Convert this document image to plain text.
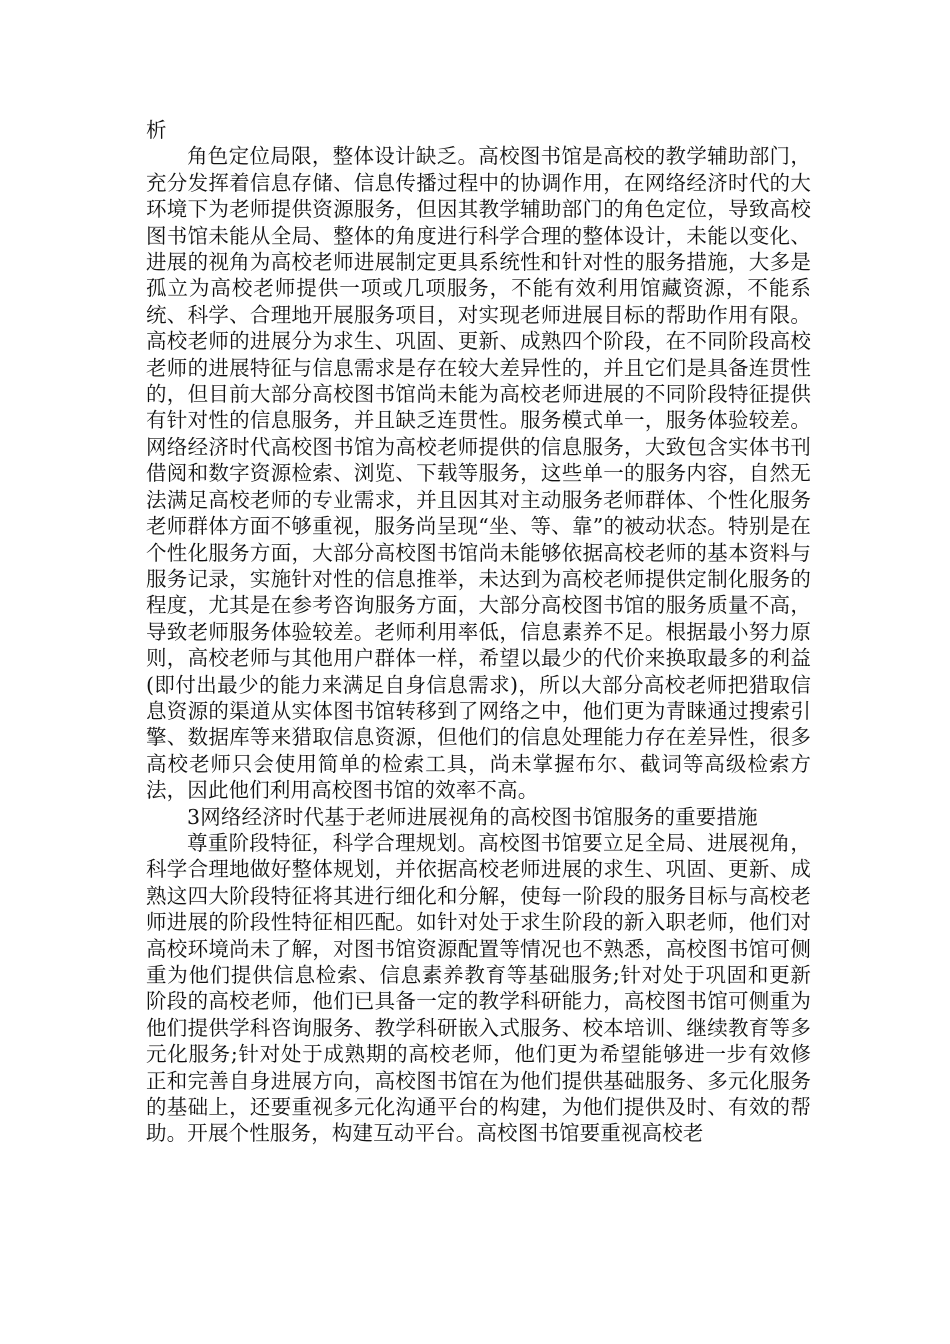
析

角色定位局限，整体设计缺乏。高校图书馆是高校的教学辅助部门，充分发挥着信息存储、信息传播过程中的协调作用，在网络经济时代的大环境下为老师提供资源服务，但因其教学辅助部门的角色定位，导致高校图书馆未能从全局、整体的角度进行科学合理的整体设计，未能以变化、进展的视角为高校老师进展制定更具系统性和针对性的服务措施，大多是孤立为高校老师提供一项或几项服务，不能有效利用馆藏资源，不能系统、科学、合理地开展服务项目，对实现老师进展目标的帮助作用有限。高校老师的进展分为求生、巩固、更新、成熟四个阶段，在不同阶段高校老师的进展特征与信息需求是存在较大差异性的，并且它们是具备连贯性的，但目前大部分高校图书馆尚未能为高校老师进展的不同阶段特征提供有针对性的信息服务，并且缺乏连贯性。服务模式单一，服务体验较差。网络经济时代高校图书馆为高校老师提供的信息服务，大致包含实体书刊借阅和数字资源检索、浏览、下载等服务，这些单一的服务内容，自然无法满足高校老师的专业需求，并且因其对主动服务老师群体、个性化服务老师群体方面不够重视，服务尚呈现“坐、等、靠”的被动状态。特别是在个性化服务方面，大部分高校图书馆尚未能够依据高校老师的基本资料与服务记录，实施针对性的信息推举，未达到为高校老师提供定制化服务的程度，尤其是在参考咨询服务方面，大部分高校图书馆的服务质量不高，导致老师服务体验较差。老师利用率低，信息素养不足。根据最小努力原则，高校老师与其他用户群体一样，希望以最少的代价来换取最多的利益(即付出最少的能力来满足自身信息需求)，所以大部分高校老师把猎取信息资源的渠道从实体图书馆转移到了网络之中，他们更为青睐通过搜索引擎、数据库等来猎取信息资源，但他们的信息处理能力存在差异性，很多高校老师只会使用简单的检索工具，尚未掌握布尔、截词等高级检索方法，因此他们利用高校图书馆的效率不高。

3网络经济时代基于老师进展视角的高校图书馆服务的重要措施

尊重阶段特征，科学合理规划。高校图书馆要立足全局、进展视角，科学合理地做好整体规划，并依据高校老师进展的求生、巩固、更新、成熟这四大阶段特征将其进行细化和分解，使每一阶段的服务目标与高校老师进展的阶段性特征相匹配。如针对处于求生阶段的新入职老师，他们对高校环境尚未了解，对图书馆资源配置等情况也不熟悉，高校图书馆可侧重为他们提供信息检索、信息素养教育等基础服务;针对处于巩固和更新阶段的高校老师，他们已具备一定的教学科研能力，高校图书馆可侧重为他们提供学科咨询服务、教学科研嵌入式服务、校本培训、继续教育等多元化服务;针对处于成熟期的高校老师，他们更为希望能够进一步有效修正和完善自身进展方向，高校图书馆在为他们提供基础服务、多元化服务的基础上，还要重视多元化沟通平台的构建，为他们提供及时、有效的帮助。开展个性服务，构建互动平台。高校图书馆要重视高校老
